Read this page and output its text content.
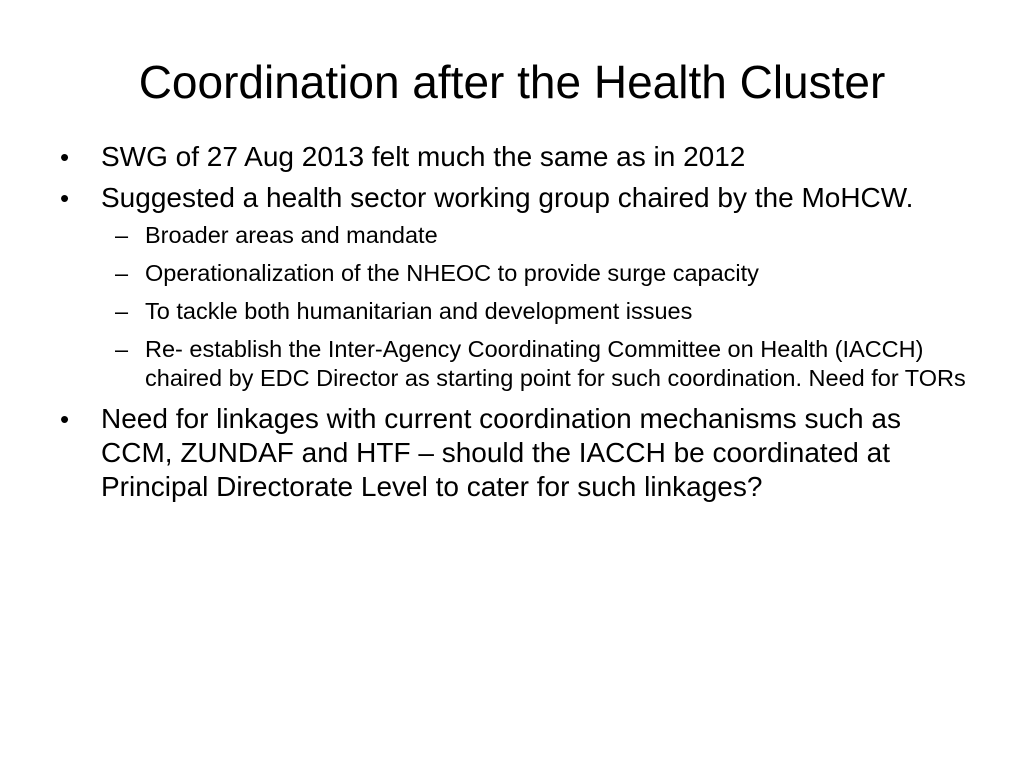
Coordination after the Health Cluster
•	SWG of 27 Aug 2013 felt much the same as in 2012
•	Suggested a health sector working group chaired by the MoHCW.
– Broader areas and mandate
– Operationalization of the NHEOC to provide surge capacity
– To tackle both humanitarian and development issues
– Re- establish the Inter-Agency Coordinating Committee on Health (IACCH) chaired by EDC Director as starting point for such coordination. Need for TORs
•	Need for linkages with current coordination mechanisms such as CCM, ZUNDAF and HTF – should the IACCH be coordinated at Principal Directorate Level to cater for such linkages?
